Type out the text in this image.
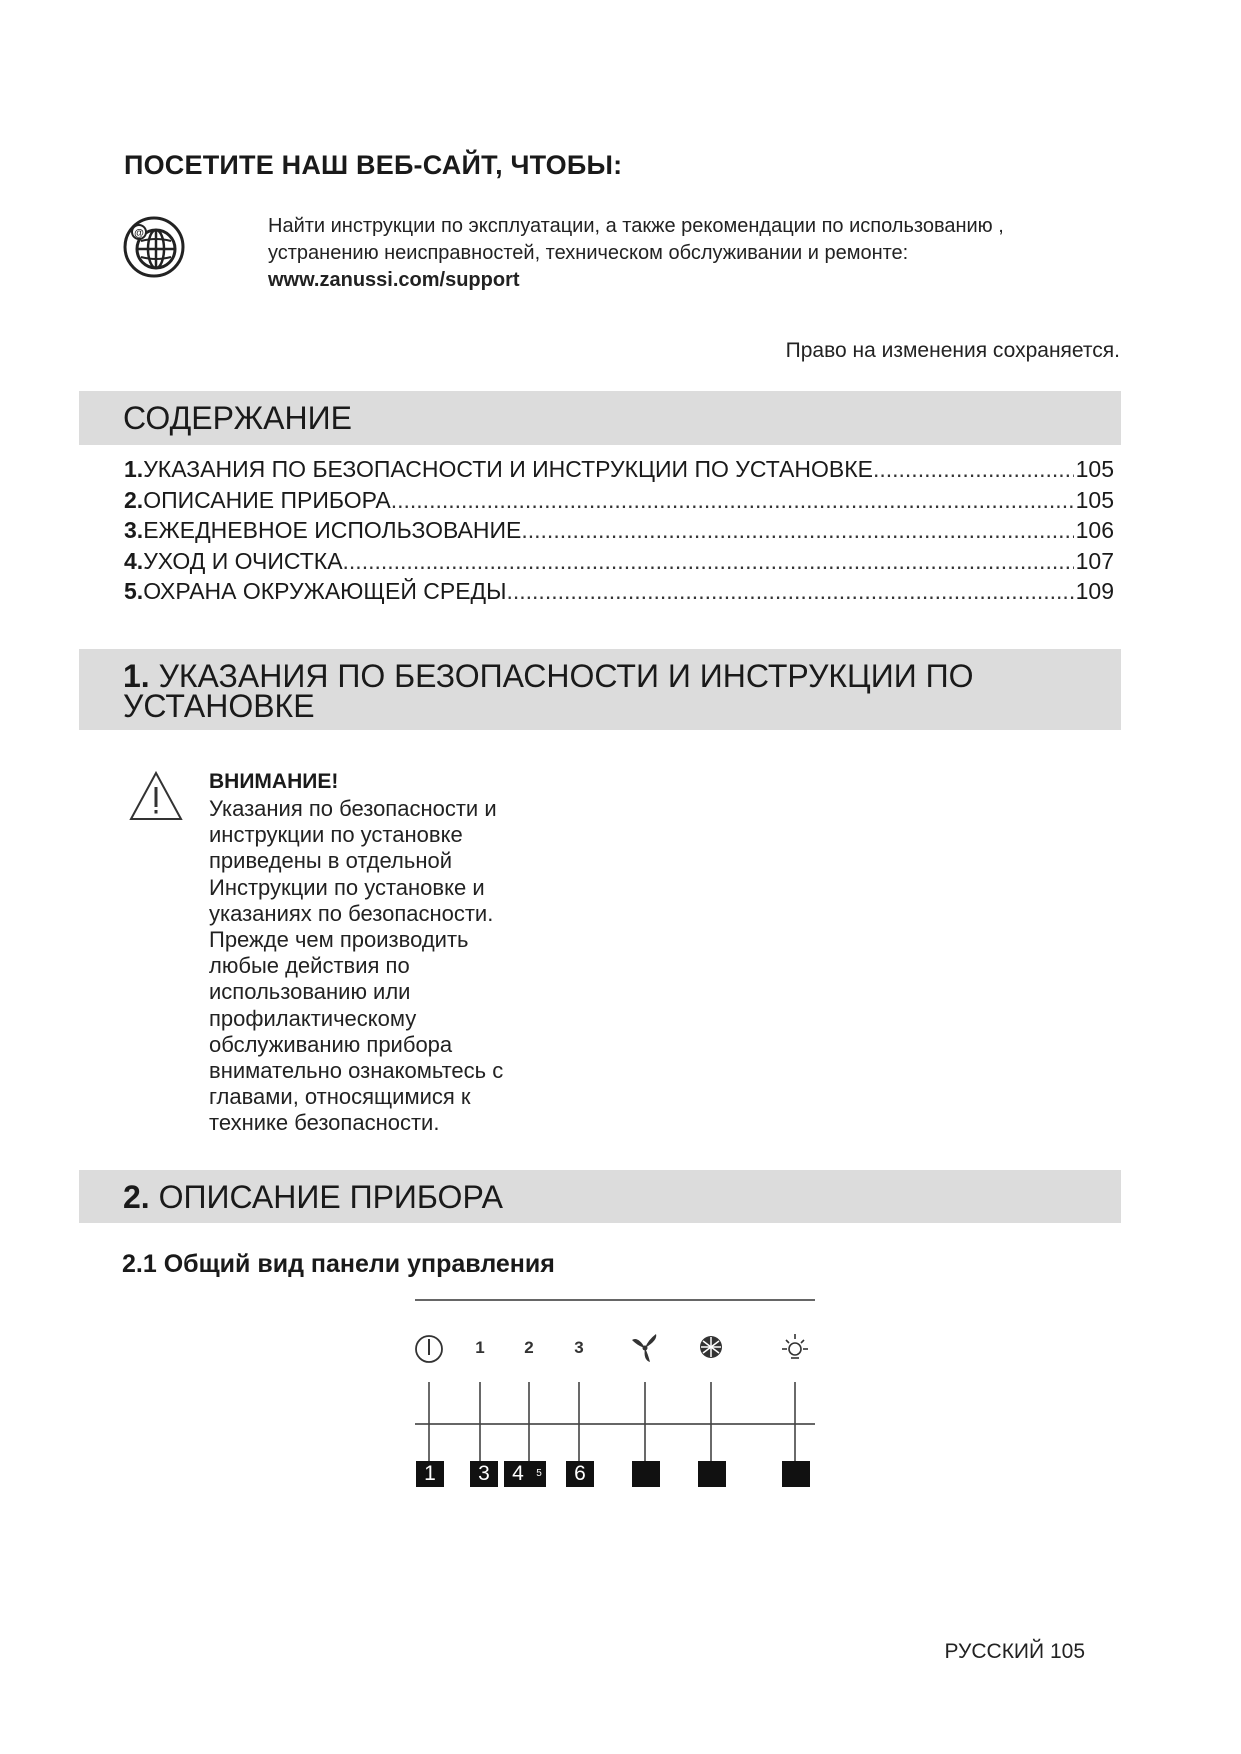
ПОСЕТИТЕ НАШ ВЕБ-САЙТ, ЧТОБЫ:
@	Найти инструкции по эксплуатации, а также рекомендации по использованию ,
устранению неисправностей, техническом обслуживании и ремонте:
www.zanussi.com/support
Право на изменения сохраняется.
СОДЕРЖАНИЕ
1. УКАЗАНИЯ ПО БЕЗОПАСНОСТИ И ИНСТРУКЦИИ ПО УСТАНОВКЕ .....	105
2. ОПИСАНИЕ ПРИБОРА .....	105
3. ЕЖЕДНЕВНОЕ ИСПОЛЬЗОВАНИЕ .....	106
4. УХОД И ОЧИСТКА .....	107
5. ОХРАНА ОКРУЖАЮЩЕЙ СРЕДЫ .....	109
1. УКАЗАНИЯ ПО БЕЗОПАСНОСТИ И ИНСТРУКЦИИ ПО
УСТАНОВКЕ
ВНИМАНИЕ!
Указания по безопасности и
инструкции по установке
приведены в отдельной
Инструкции по установке и
указаниях по безопасности.
Прежде чем производить
любые действия по
использованию или
профилактическому
обслуживанию прибора
внимательно ознакомьтесь с
главами, относящимися к
технике безопасности.
2. ОПИСАНИЕ ПРИБОРА
2.1 Общий вид панели управления
1 2 3
1	3	4	5	6
РУССКИЙ 105
